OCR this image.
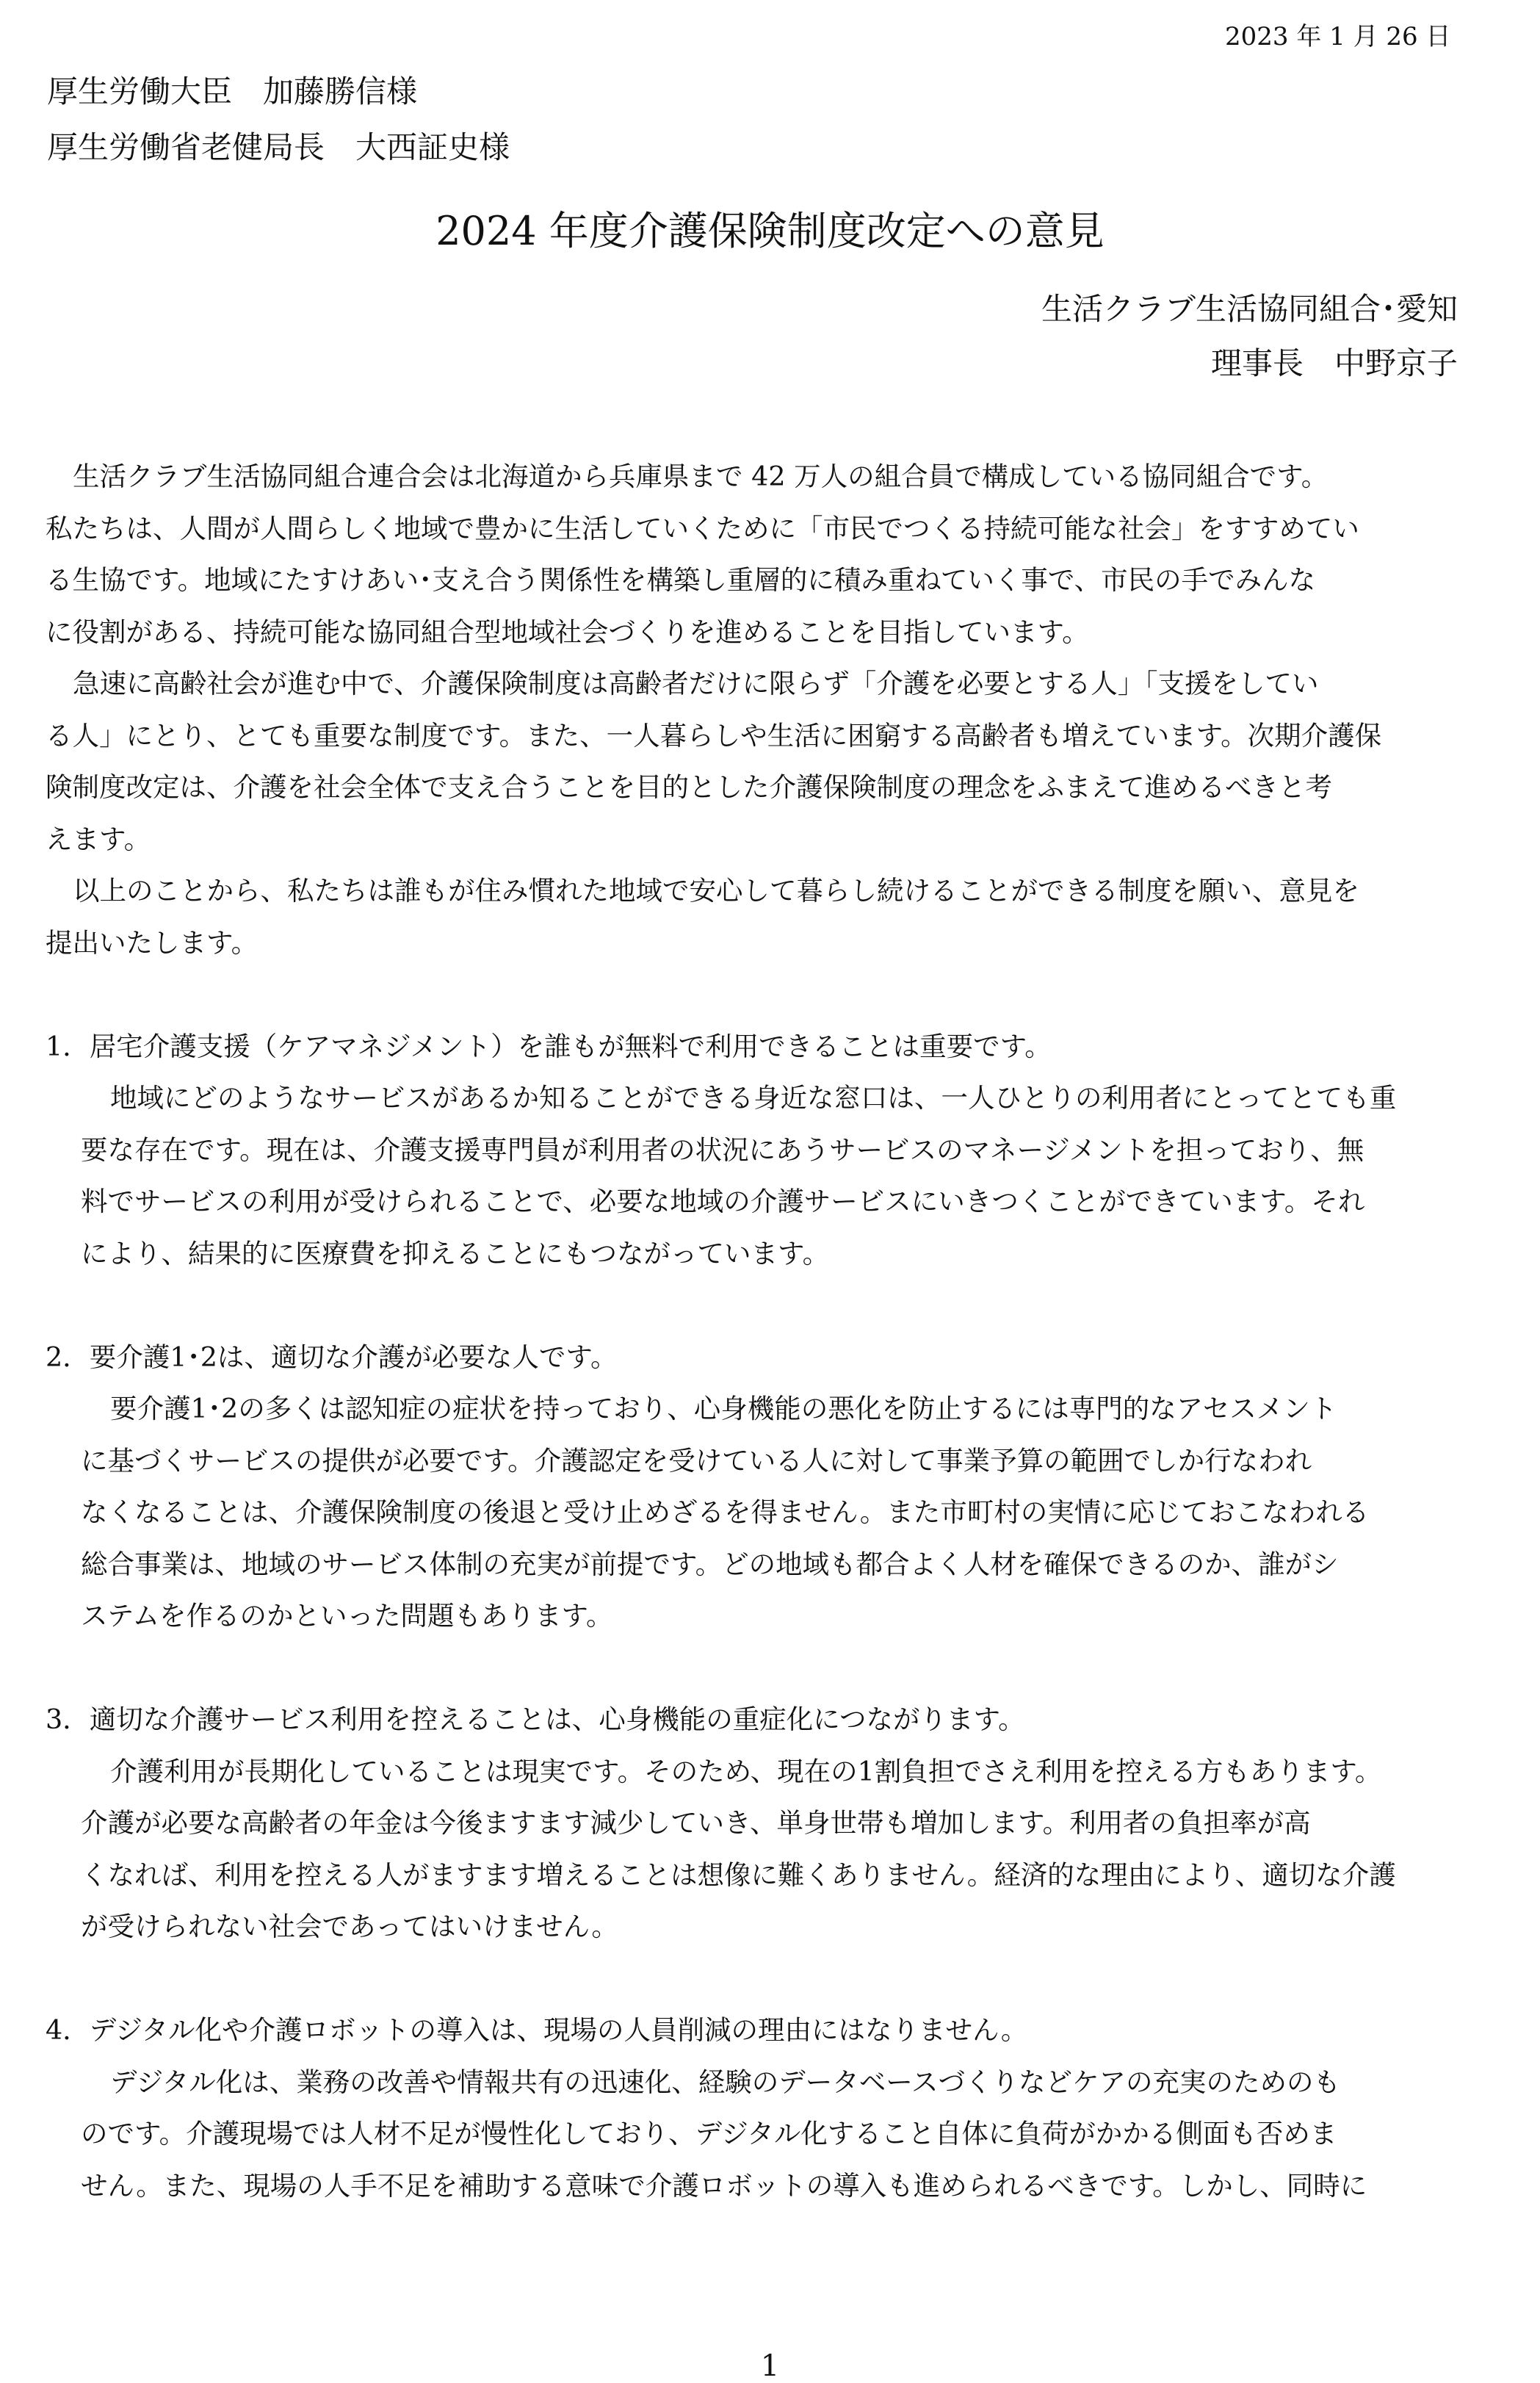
2023 年 1 月 26 日
厚生労働大臣　加藤勝信様
厚生労働省老健局長　大西証史様
2024 年度介護保険制度改定への意見
生活クラブ生活協同組合･愛知
理事長　中野京子
生活クラブ生活協同組合連合会は北海道から兵庫県まで 42 万人の組合員で構成している協同組合です。
私たちは、人間が人間らしく地域で豊かに生活していくために「市民でつくる持続可能な社会」をすすめてい
る生協です。地域にたすけあい･支え合う関係性を構築し重層的に積み重ねていく事で、市民の手でみんな
に役割がある、持続可能な協同組合型地域社会づくりを進めることを目指しています。
急速に高齢社会が進む中で、介護保険制度は高齢者だけに限らず「介護を必要とする人」「支援をしてい
る人」にとり、とても重要な制度です。また、一人暮らしや生活に困窮する高齢者も増えています。次期介護保
険制度改定は、介護を社会全体で支え合うことを目的とした介護保険制度の理念をふまえて進めるべきと考
えます。
以上のことから、私たちは誰もが住み慣れた地域で安心して暮らし続けることができる制度を願い、意見を
提出いたします。
1．居宅介護支援（ケアマネジメント）を誰もが無料で利用できることは重要です。
地域にどのようなサービスがあるか知ることができる身近な窓口は、一人ひとりの利用者にとってとても重
要な存在です。現在は、介護支援専門員が利用者の状況にあうサービスのマネージメントを担っており、無
料でサービスの利用が受けられることで、必要な地域の介護サービスにいきつくことができています。それ
により、結果的に医療費を抑えることにもつながっています。
2．要介護1･2は、適切な介護が必要な人です。
要介護1･2の多くは認知症の症状を持っており、心身機能の悪化を防止するには専門的なアセスメント
に基づくサービスの提供が必要です。介護認定を受けている人に対して事業予算の範囲でしか行なわれ
なくなることは、介護保険制度の後退と受け止めざるを得ません。また市町村の実情に応じておこなわれる
総合事業は、地域のサービス体制の充実が前提です。どの地域も都合よく人材を確保できるのか、誰がシ
ステムを作るのかといった問題もあります。
3．適切な介護サービス利用を控えることは、心身機能の重症化につながります。
介護利用が長期化していることは現実です。そのため、現在の1割負担でさえ利用を控える方もあります。
介護が必要な高齢者の年金は今後ますます減少していき、単身世帯も増加します。利用者の負担率が高
くなれば、利用を控える人がますます増えることは想像に難くありません。経済的な理由により、適切な介護
が受けられない社会であってはいけません。
4．デジタル化や介護ロボットの導入は、現場の人員削減の理由にはなりません。
デジタル化は、業務の改善や情報共有の迅速化、経験のデータベースづくりなどケアの充実のためのも
のです。介護現場では人材不足が慢性化しており、デジタル化すること自体に負荷がかかる側面も否めま
せん。また、現場の人手不足を補助する意味で介護ロボットの導入も進められるべきです。しかし、同時に
1
